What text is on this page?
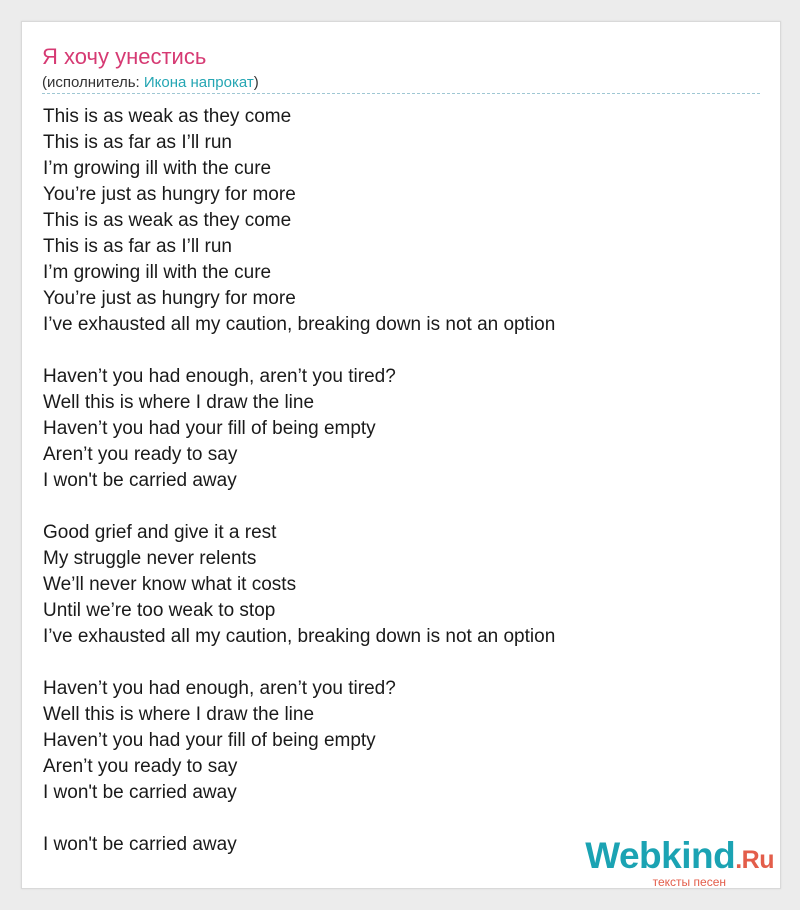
Я хочу унестись
(исполнитель: Икона напрокат)
This is as weak as they come
This is as far as I’ll run
I’m growing ill with the cure
You’re just as hungry for more
This is as weak as they come
This is as far as I’ll run
I’m growing ill with the cure
You’re just as hungry for more
I’ve exhausted all my caution, breaking down is not an option
Haven’t you had enough, aren’t you tired?
Well this is where I draw the line
Haven’t you had your fill of being empty
Aren’t you ready to say
I won't be carried away
Good grief and give it a rest
My struggle never relents
We’ll never know what it costs
Until we’re too weak to stop
I’ve exhausted all my caution, breaking down is not an option
Haven’t you had enough, aren’t you tired?
Well this is where I draw the line
Haven’t you had your fill of being empty
Aren’t you ready to say
I won't be carried away
I won't be carried away	Webkind.Ru
тексты песен
